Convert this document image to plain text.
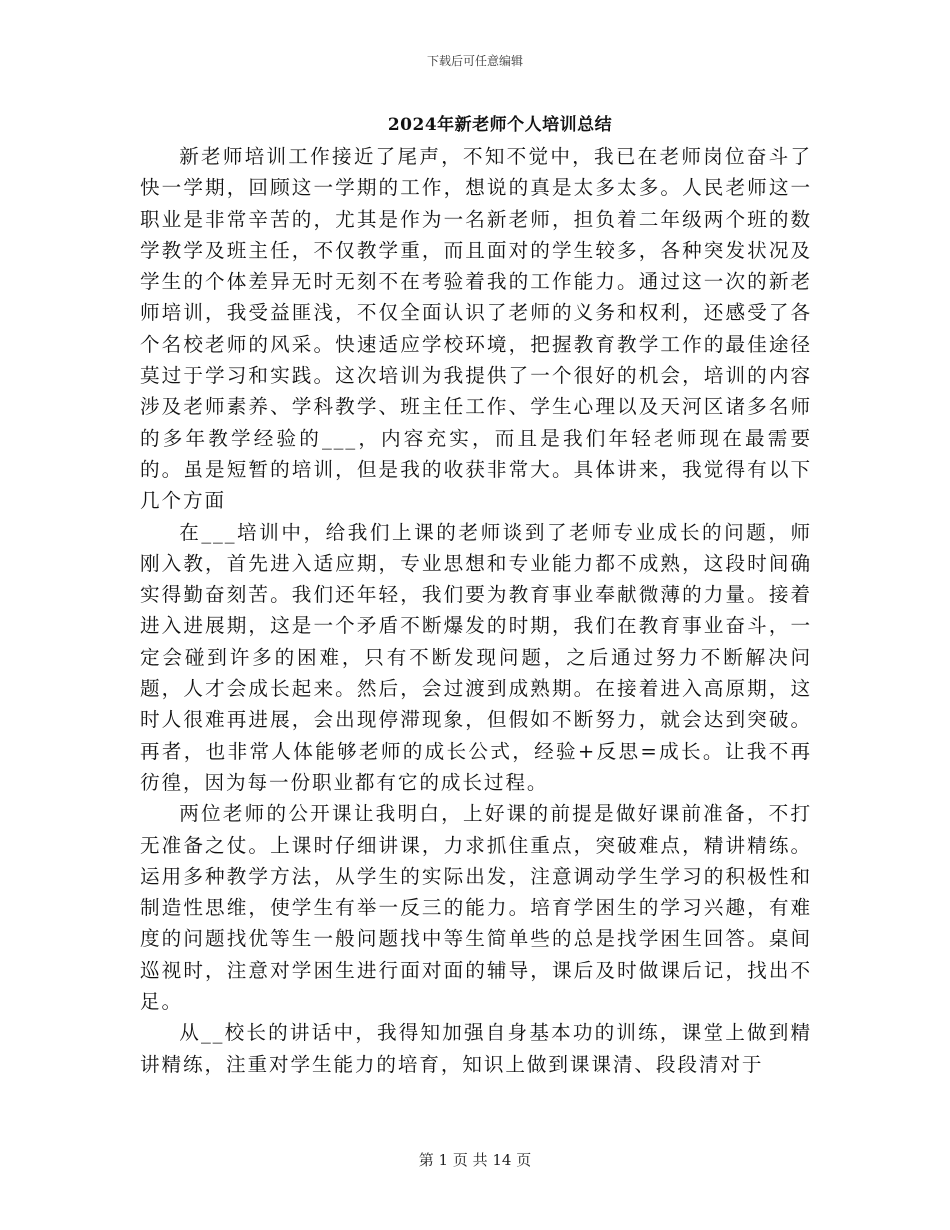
下载后可任意编辑
2024年新老师个人培训总结

新老师培训工作接近了尾声，不知不觉中，我已在老师岗位奋斗了快一学期，回顾这一学期的工作，想说的真是太多太多。人民老师这一职业是非常辛苦的，尤其是作为一名新老师，担负着二年级两个班的数学教学及班主任，不仅教学重，而且面对的学生较多，各种突发状况及学生的个体差异无时无刻不在考验着我的工作能力。通过这一次的新老师培训，我受益匪浅，不仅全面认识了老师的义务和权利，还感受了各个名校老师的风采。快速适应学校环境，把握教育教学工作的最佳途径莫过于学习和实践。这次培训为我提供了一个很好的机会，培训的内容涉及老师素养、学科教学、班主任工作、学生心理以及天河区诸多名师的多年教学经验的___，内容充实，而且是我们年轻老师现在最需要的。虽是短暂的培训，但是我的收获非常大。具体讲来，我觉得有以下几个方面

在___培训中，给我们上课的老师谈到了老师专业成长的问题，师刚入教，首先进入适应期，专业思想和专业能力都不成熟，这段时间确实得勤奋刻苦。我们还年轻，我们要为教育事业奉献微薄的力量。接着进入进展期，这是一个矛盾不断爆发的时期，我们在教育事业奋斗，一定会碰到许多的困难，只有不断发现问题，之后通过努力不断解决问题，人才会成长起来。然后，会过渡到成熟期。在接着进入高原期，这时人很难再进展，会出现停滞现象，但假如不断努力，就会达到突破。再者，也非常人体能够老师的成长公式，经验+反思=成长。让我不再彷徨，因为每一份职业都有它的成长过程。

两位老师的公开课让我明白，上好课的前提是做好课前准备，不打无准备之仗。上课时仔细讲课，力求抓住重点，突破难点，精讲精练。运用多种教学方法，从学生的实际出发，注意调动学生学习的积极性和制造性思维，使学生有举一反三的能力。培育学困生的学习兴趣，有难度的问题找优等生一般问题找中等生简单些的总是找学困生回答。桌间巡视时，注意对学困生进行面对面的辅导，课后及时做课后记，找出不足。

从__校长的讲话中，我得知加强自身基本功的训练，课堂上做到精讲精练，注重对学生能力的培育，知识上做到课课清、段段清对于

第 1 页 共 14 页
